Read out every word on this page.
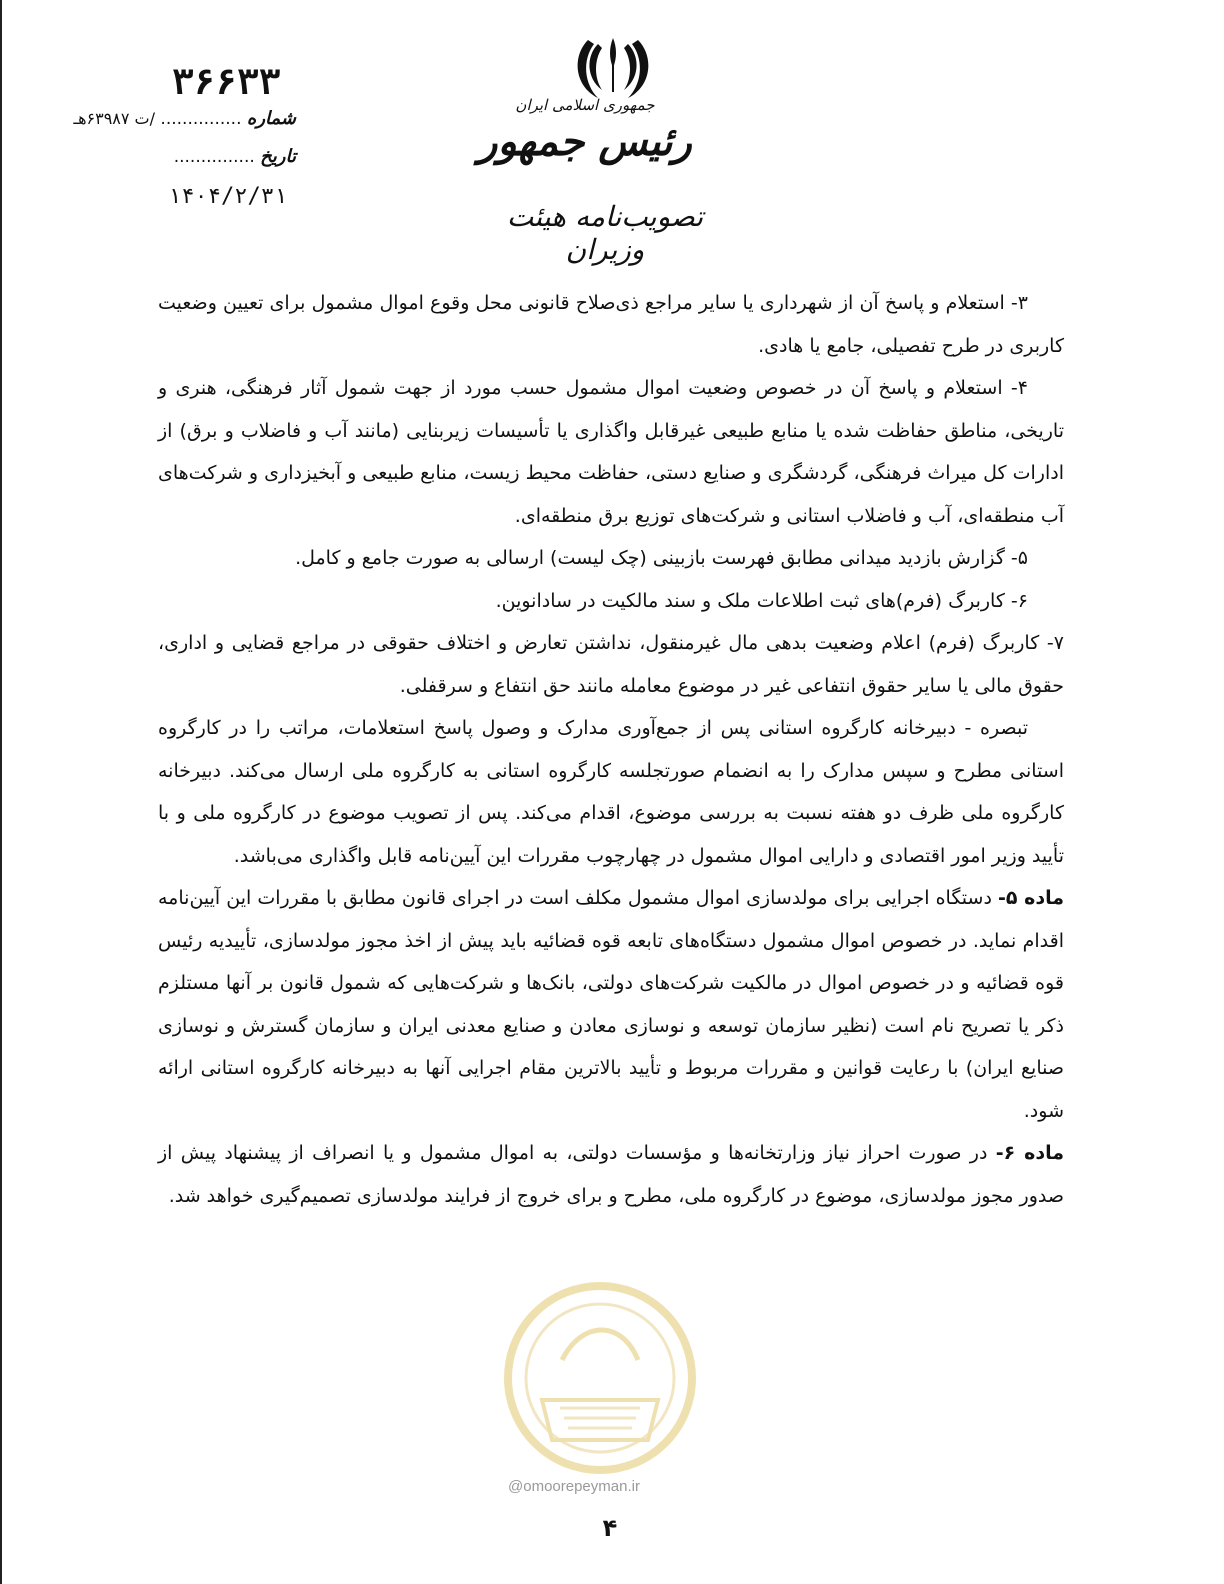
جمهوری اسلامی ایران
رئیس جمهور
تصویب‌نامه هیئت وزیران
۳۶۶۳۳
شماره ............... /ت ۶۳۹۸۷هـ
تاریخ ...............
۱۴۰۴/۲/۳۱

۳- استعلام و پاسخ آن از شهرداری یا سایر مراجع ذی‌صلاح قانونی محل وقوع اموال مشمول برای تعیین وضعیت کاربری در طرح تفصیلی، جامع یا هادی.

۴- استعلام و پاسخ آن در خصوص وضعیت اموال مشمول حسب مورد از جهت شمول آثار فرهنگی، هنری و تاریخی، مناطق حفاظت شده یا منابع طبیعی غیرقابل واگذاری یا تأسیسات زیربنایی (مانند آب و فاضلاب و برق) از ادارات کل میراث فرهنگی، گردشگری و صنایع دستی، حفاظت محیط زیست، منابع طبیعی و آبخیزداری و شرکت‌های آب منطقه‌ای، آب و فاضلاب استانی و شرکت‌های توزیع برق منطقه‌ای.

۵- گزارش بازدید میدانی مطابق فهرست بازبینی (چک لیست) ارسالی به صورت جامع و کامل.

۶- کاربرگ (فرم)های ثبت اطلاعات ملک و سند مالکیت در سادانوین.

۷- کاربرگ (فرم) اعلام وضعیت بدهی مال غیرمنقول، نداشتن تعارض و اختلاف حقوقی در مراجع قضایی و اداری، حقوق مالی یا سایر حقوق انتفاعی غیر در موضوع معامله مانند حق انتفاع و سرقفلی.

تبصره - دبیرخانه کارگروه استانی پس از جمع‌آوری مدارک و وصول پاسخ استعلامات، مراتب را در کارگروه استانی مطرح و سپس مدارک را به انضمام صورتجلسه کارگروه استانی به کارگروه ملی ارسال می‌کند. دبیرخانه کارگروه ملی ظرف دو هفته نسبت به بررسی موضوع، اقدام می‌کند. پس از تصویب موضوع در کارگروه ملی و با تأیید وزیر امور اقتصادی و دارایی اموال مشمول در چهارچوب مقررات این آیین‌نامه قابل واگذاری می‌باشد.

ماده ۵- دستگاه اجرایی برای مولدسازی اموال مشمول مکلف است در اجرای قانون مطابق با مقررات این آیین‌نامه اقدام نماید. در خصوص اموال مشمول دستگاه‌های تابعه قوه قضائیه باید پیش از اخذ مجوز مولدسازی، تأییدیه رئیس قوه قضائیه و در خصوص اموال در مالکیت شرکت‌های دولتی، بانک‌ها و شرکت‌هایی که شمول قانون بر آنها مستلزم ذکر یا تصریح نام است (نظیر سازمان توسعه و نوسازی معادن و صنایع معدنی ایران و سازمان گسترش و نوسازی صنایع ایران) با رعایت قوانین و مقررات مربوط و تأیید بالاترین مقام اجرایی آنها به دبیرخانه کارگروه استانی ارائه شود.

ماده ۶- در صورت احراز نیاز وزارتخانه‌ها و مؤسسات دولتی، به اموال مشمول و یا انصراف از پیشنهاد پیش از صدور مجوز مولدسازی، موضوع در کارگروه ملی، مطرح و برای خروج از فرایند مولدسازی تصمیم‌گیری خواهد شد.

@omoorepeyman.ir
۴
